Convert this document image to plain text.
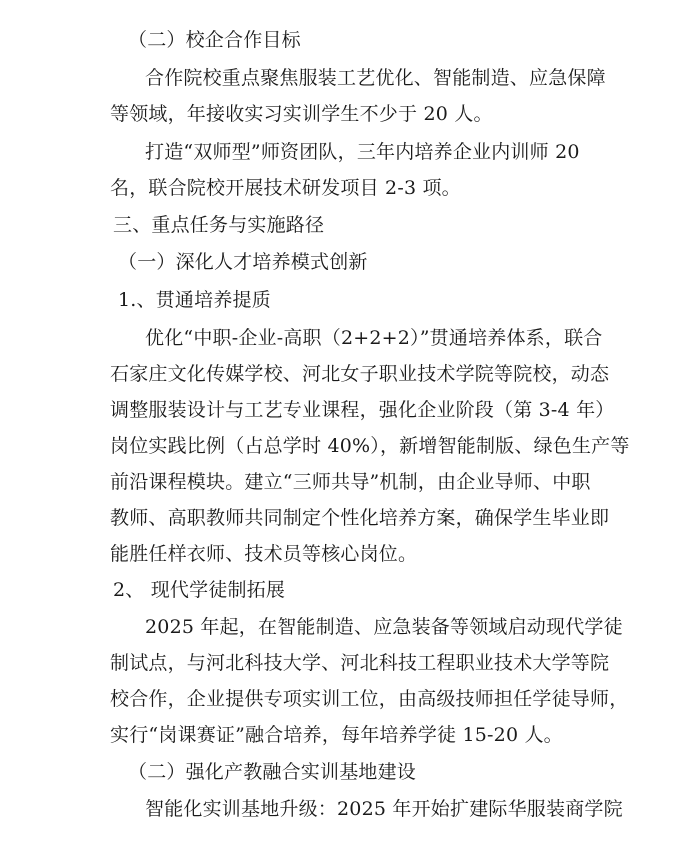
（二）校企合作目标
合作院校重点聚焦服装工艺优化、智能制造、应急保障
等领域，年接收实习实训学生不少于 20 人。
打造“双师型”师资团队，三年内培养企业内训师 20
名，联合院校开展技术研发项目 2-3 项。
三、重点任务与实施路径
（一）深化人才培养模式创新
1.、贯通培养提质
优化“中职-企业-高职（2+2+2）”贯通培养体系，联合
石家庄文化传媒学校、河北女子职业技术学院等院校，动态
调整服装设计与工艺专业课程，强化企业阶段（第 3-4 年）
岗位实践比例（占总学时 40%），新增智能制版、绿色生产等
前沿课程模块。建立“三师共导”机制，由企业导师、中职
教师、高职教师共同制定个性化培养方案，确保学生毕业即
能胜任样衣师、技术员等核心岗位。
2、 现代学徒制拓展
2025 年起，在智能制造、应急装备等领域启动现代学徒
制试点，与河北科技大学、河北科技工程职业技术大学等院
校合作，企业提供专项实训工位，由高级技师担任学徒导师，
实行“岗课赛证”融合培养，每年培养学徒 15-20 人。
（二）强化产教融合实训基地建设
智能化实训基地升级：2025 年开始扩建际华服装商学院
